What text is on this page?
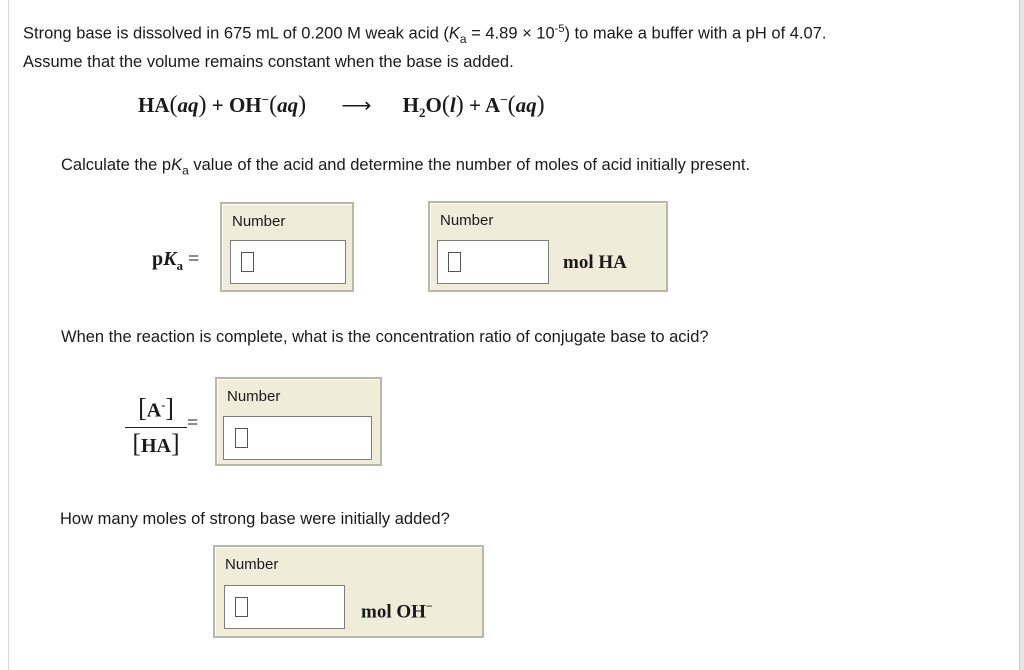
Strong base is dissolved in 675 mL of 0.200 M weak acid $(K_a = 4.89 \times 10^{-5})$ to make a buffer with a pH of 4.07.
Assume that the volume remains constant when the base is added.
HA(aq) + OH−(aq) ⟶ $H_2O(l) + A^-(aq)$
Calculate the $pK_a$ value of the acid and determine the number of moles of acid initially present.
$pK_a$ =
Number	Number
mol HA
When the reaction is complete, what is the concentration ratio of conjugate base to acid?
[A-]
[HA]
=
Number
How many moles of strong base were initially added?
Number
mol OH−
